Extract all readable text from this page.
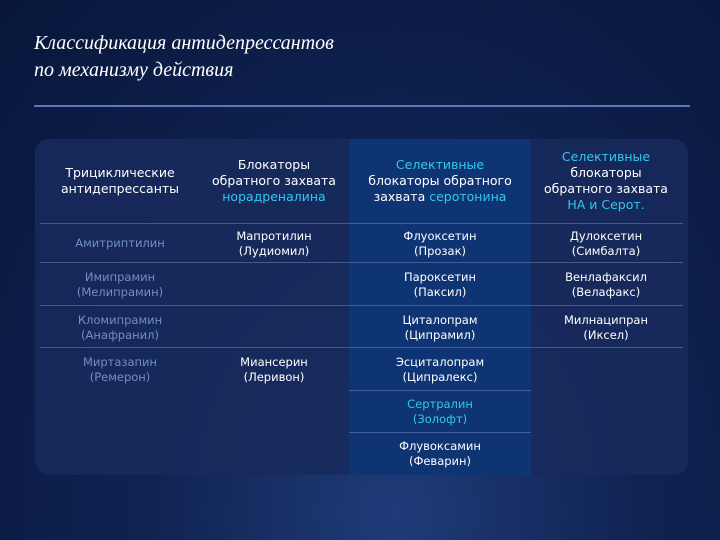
Классификация антидепрессантов
по механизму действия
Трициклические
антидепрессанты
Блокаторы
обратного захвата
норадреналина
Селективные
блокаторы обратного
захвата серотонина
Селективные
блокаторы
обратного захвата
НА и Серот.
Амитриптилин
Имипрамин
(Мелипрамин)
Кломипрамин
(Анафранил)
Миртазапин
(Ремерон)
Мапротилин
(Лудиомил)
Миансерин
(Леривон)
Флуоксетин
(Прозак)
Пароксетин
(Паксил)
Циталопрам
(Ципрамил)
Эсциталопрам
(Ципралекс)
Сертралин
(Золофт)
Флувоксамин
(Феварин)
Дулоксетин
(Симбалта)
Венлафаксил
(Велафакс)
Милнаципран
(Иксел)
